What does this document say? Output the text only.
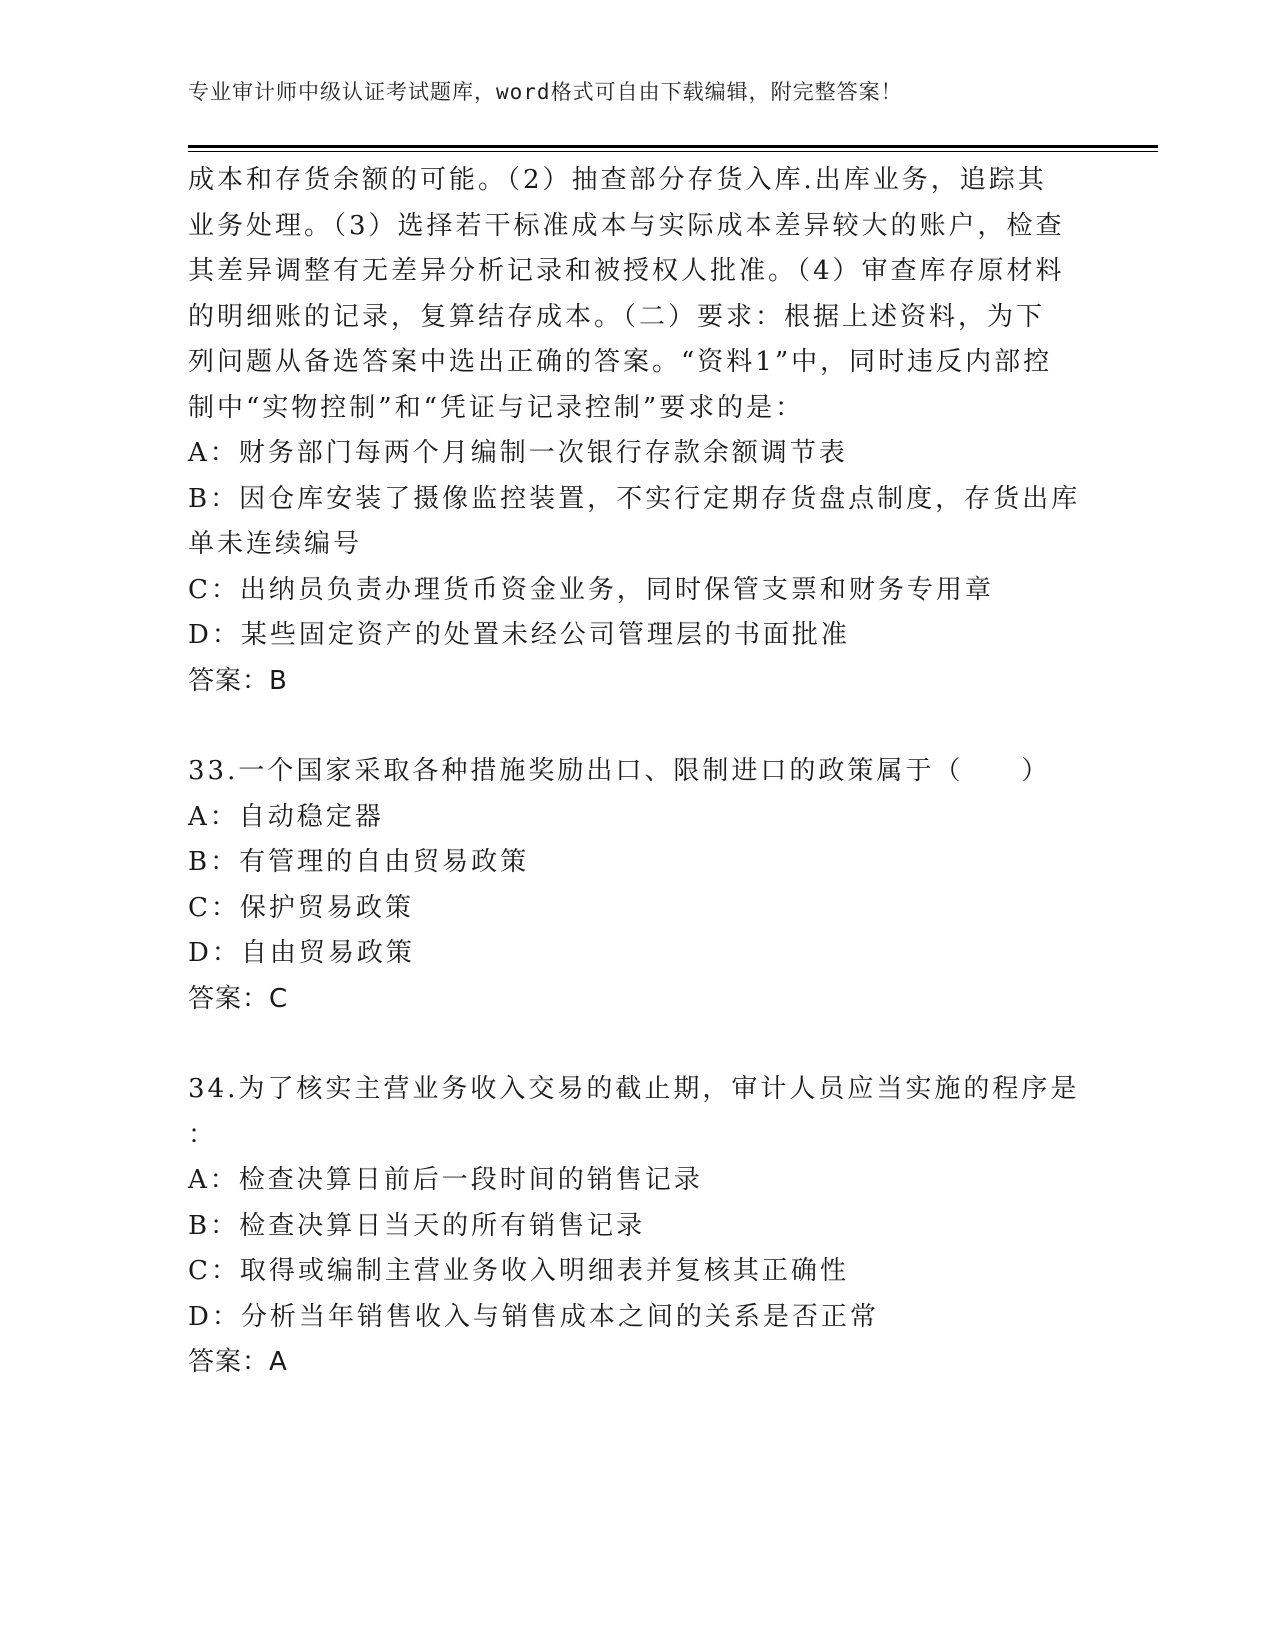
专业审计师中级认证考试题库，word格式可自由下载编辑，附完整答案！
成本和存货余额的可能。（2）抽查部分存货入库.出库业务，追踪其
业务处理。（3）选择若干标准成本与实际成本差异较大的账户，检查
其差异调整有无差异分析记录和被授权人批准。（4）审查库存原材料
的明细账的记录，复算结存成本。（二）要求：根据上述资料，为下
列问题从备选答案中选出正确的答案。“资料1”中，同时违反内部控
制中“实物控制”和“凭证与记录控制”要求的是：
A：财务部门每两个月编制一次银行存款余额调节表
B：因仓库安装了摄像监控装置，不实行定期存货盘点制度，存货出库
单未连续编号
C：出纳员负责办理货币资金业务，同时保管支票和财务专用章
D：某些固定资产的处置未经公司管理层的书面批准
答案：B
33.一个国家采取各种措施奖励出口、限制进口的政策属于（　　）
A：自动稳定器
B：有管理的自由贸易政策
C：保护贸易政策
D：自由贸易政策
答案：C
34.为了核实主营业务收入交易的截止期，审计人员应当实施的程序是
：
A：检查决算日前后一段时间的销售记录
B：检查决算日当天的所有销售记录
C：取得或编制主营业务收入明细表并复核其正确性
D：分析当年销售收入与销售成本之间的关系是否正常
答案：A
